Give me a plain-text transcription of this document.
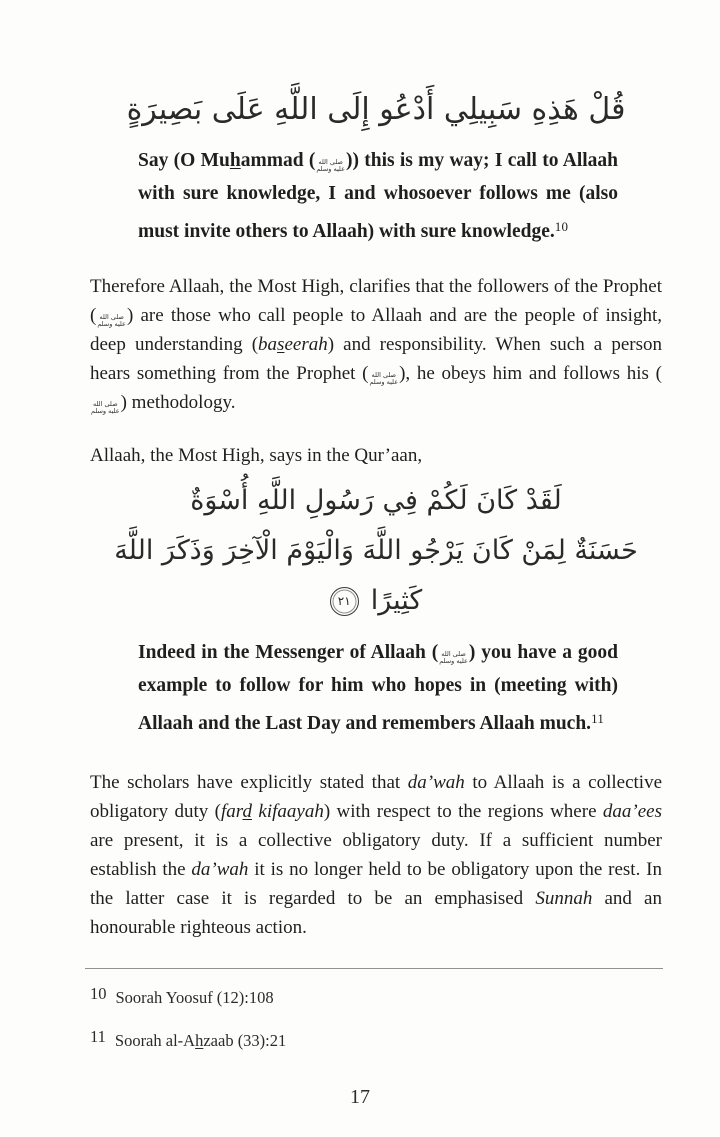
قُلْ هَذِهِ سَبِيلِي أَدْعُو إِلَى اللَّهِ عَلَى بَصِيرَةٍ

Say (O Muhammad ( صلى الله
عليه وسلم )) this is my way; I call to Allaah with sure knowledge, I and whosoever follows me (also must invite others to Allaah) with sure knowledge.$^{10}$

Therefore Allaah, the Most High, clarifies that the followers of the Prophet ( صلى الله
عليه وسلم ) are those who call people to Allaah and are the people of insight, deep understanding (baseerah) and responsibility. When such a person hears something from the Prophet ( صلى الله
عليه وسلم ), he obeys him and follows his (
صلى الله
عليه وسلم ) methodology.

Allaah, the Most High, says in the Qur’aan,

لَقَدْ كَانَ لَكُمْ فِي رَسُولِ اللَّهِ أُسْوَةٌ
حَسَنَةٌ لِمَنْ كَانَ يَرْجُو اللَّهَ وَالْيَوْمَ الْآخِرَ وَذَكَرَ اللَّهَ كَثِيرًا٢١

Indeed in the Messenger of Allaah ( صلى الله
عليه وسلم ) you have a good example to follow for him who hopes in (meeting with) Allaah and the Last Day and remembers Allaah much.$^{11}$

The scholars have explicitly stated that da’wah to Allaah is a collective obligatory duty (fard kifaayah) with respect to the regions where daa’ees are present, it is a collective obligatory duty. If a sufficient number establish the da’wah it is no longer held to be obligatory upon the rest. In the latter case it is regarded to be an emphasised Sunnah and an honourable righteous action.

10 Soorah Yoosuf (12):108
11 Soorah al-Ahzaab (33):21
17
